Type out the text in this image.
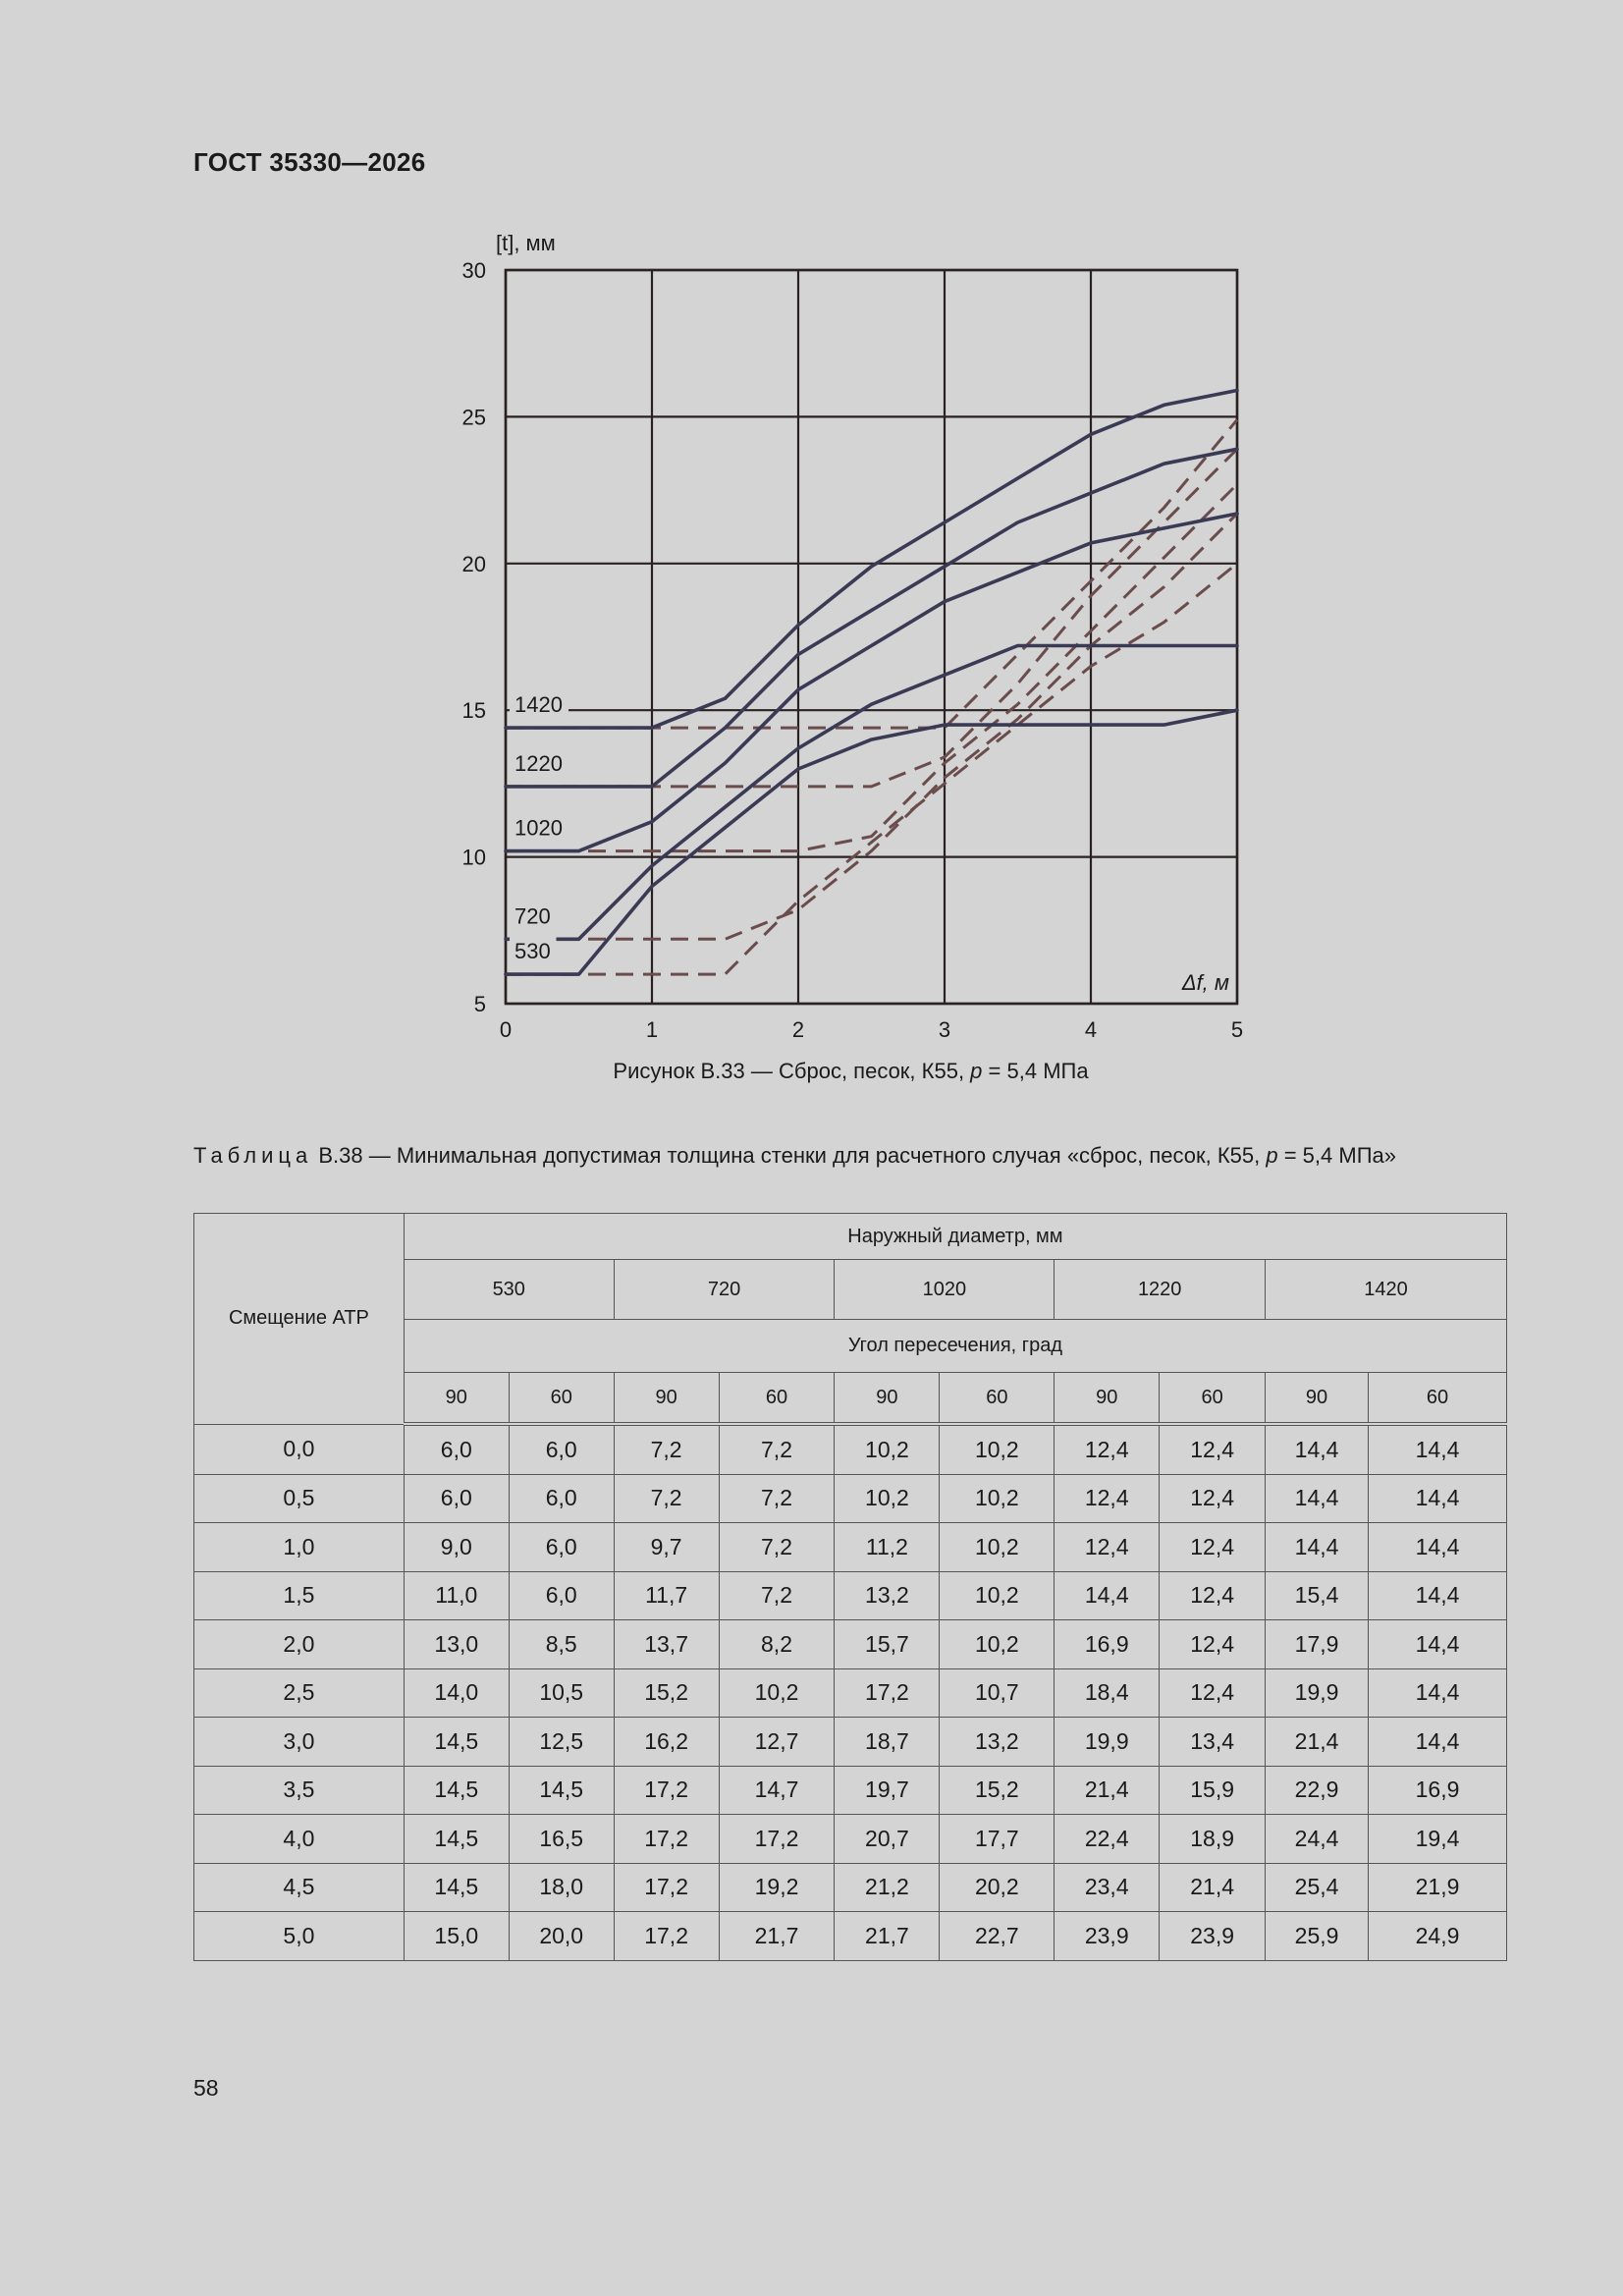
ГОСТ 35330—2026
0	1	2	3	4	5
5
10
15
20
25
30
[t], мм
Δf, м
1420
1220
1020
720
530
Рисунок В.33 — Сброс, песок, К55, p = 5,4 МПа
Таблица В.38 — Минимальная допустимая толщина стенки для расчетного случая «сброс, песок, К55, p = 5,4 МПа»
Смещение АТР	Наружный диаметр, мм									
	530		720		1020		1220		1420	
	Угол пересечения, град									
	90	60	90	60	90	60	90	60	90	60
0,0	6,0	6,0	7,2	7,2	10,2	10,2	12,4	12,4	14,4	14,4
0,5	6,0	6,0	7,2	7,2	10,2	10,2	12,4	12,4	14,4	14,4
1,0	9,0	6,0	9,7	7,2	11,2	10,2	12,4	12,4	14,4	14,4
1,5	11,0	6,0	11,7	7,2	13,2	10,2	14,4	12,4	15,4	14,4
2,0	13,0	8,5	13,7	8,2	15,7	10,2	16,9	12,4	17,9	14,4
2,5	14,0	10,5	15,2	10,2	17,2	10,7	18,4	12,4	19,9	14,4
3,0	14,5	12,5	16,2	12,7	18,7	13,2	19,9	13,4	21,4	14,4
3,5	14,5	14,5	17,2	14,7	19,7	15,2	21,4	15,9	22,9	16,9
4,0	14,5	16,5	17,2	17,2	20,7	17,7	22,4	18,9	24,4	19,4
4,5	14,5	18,0	17,2	19,2	21,2	20,2	23,4	21,4	25,4	21,9
5,0	15,0	20,0	17,2	21,7	21,7	22,7	23,9	23,9	25,9	24,9
58
